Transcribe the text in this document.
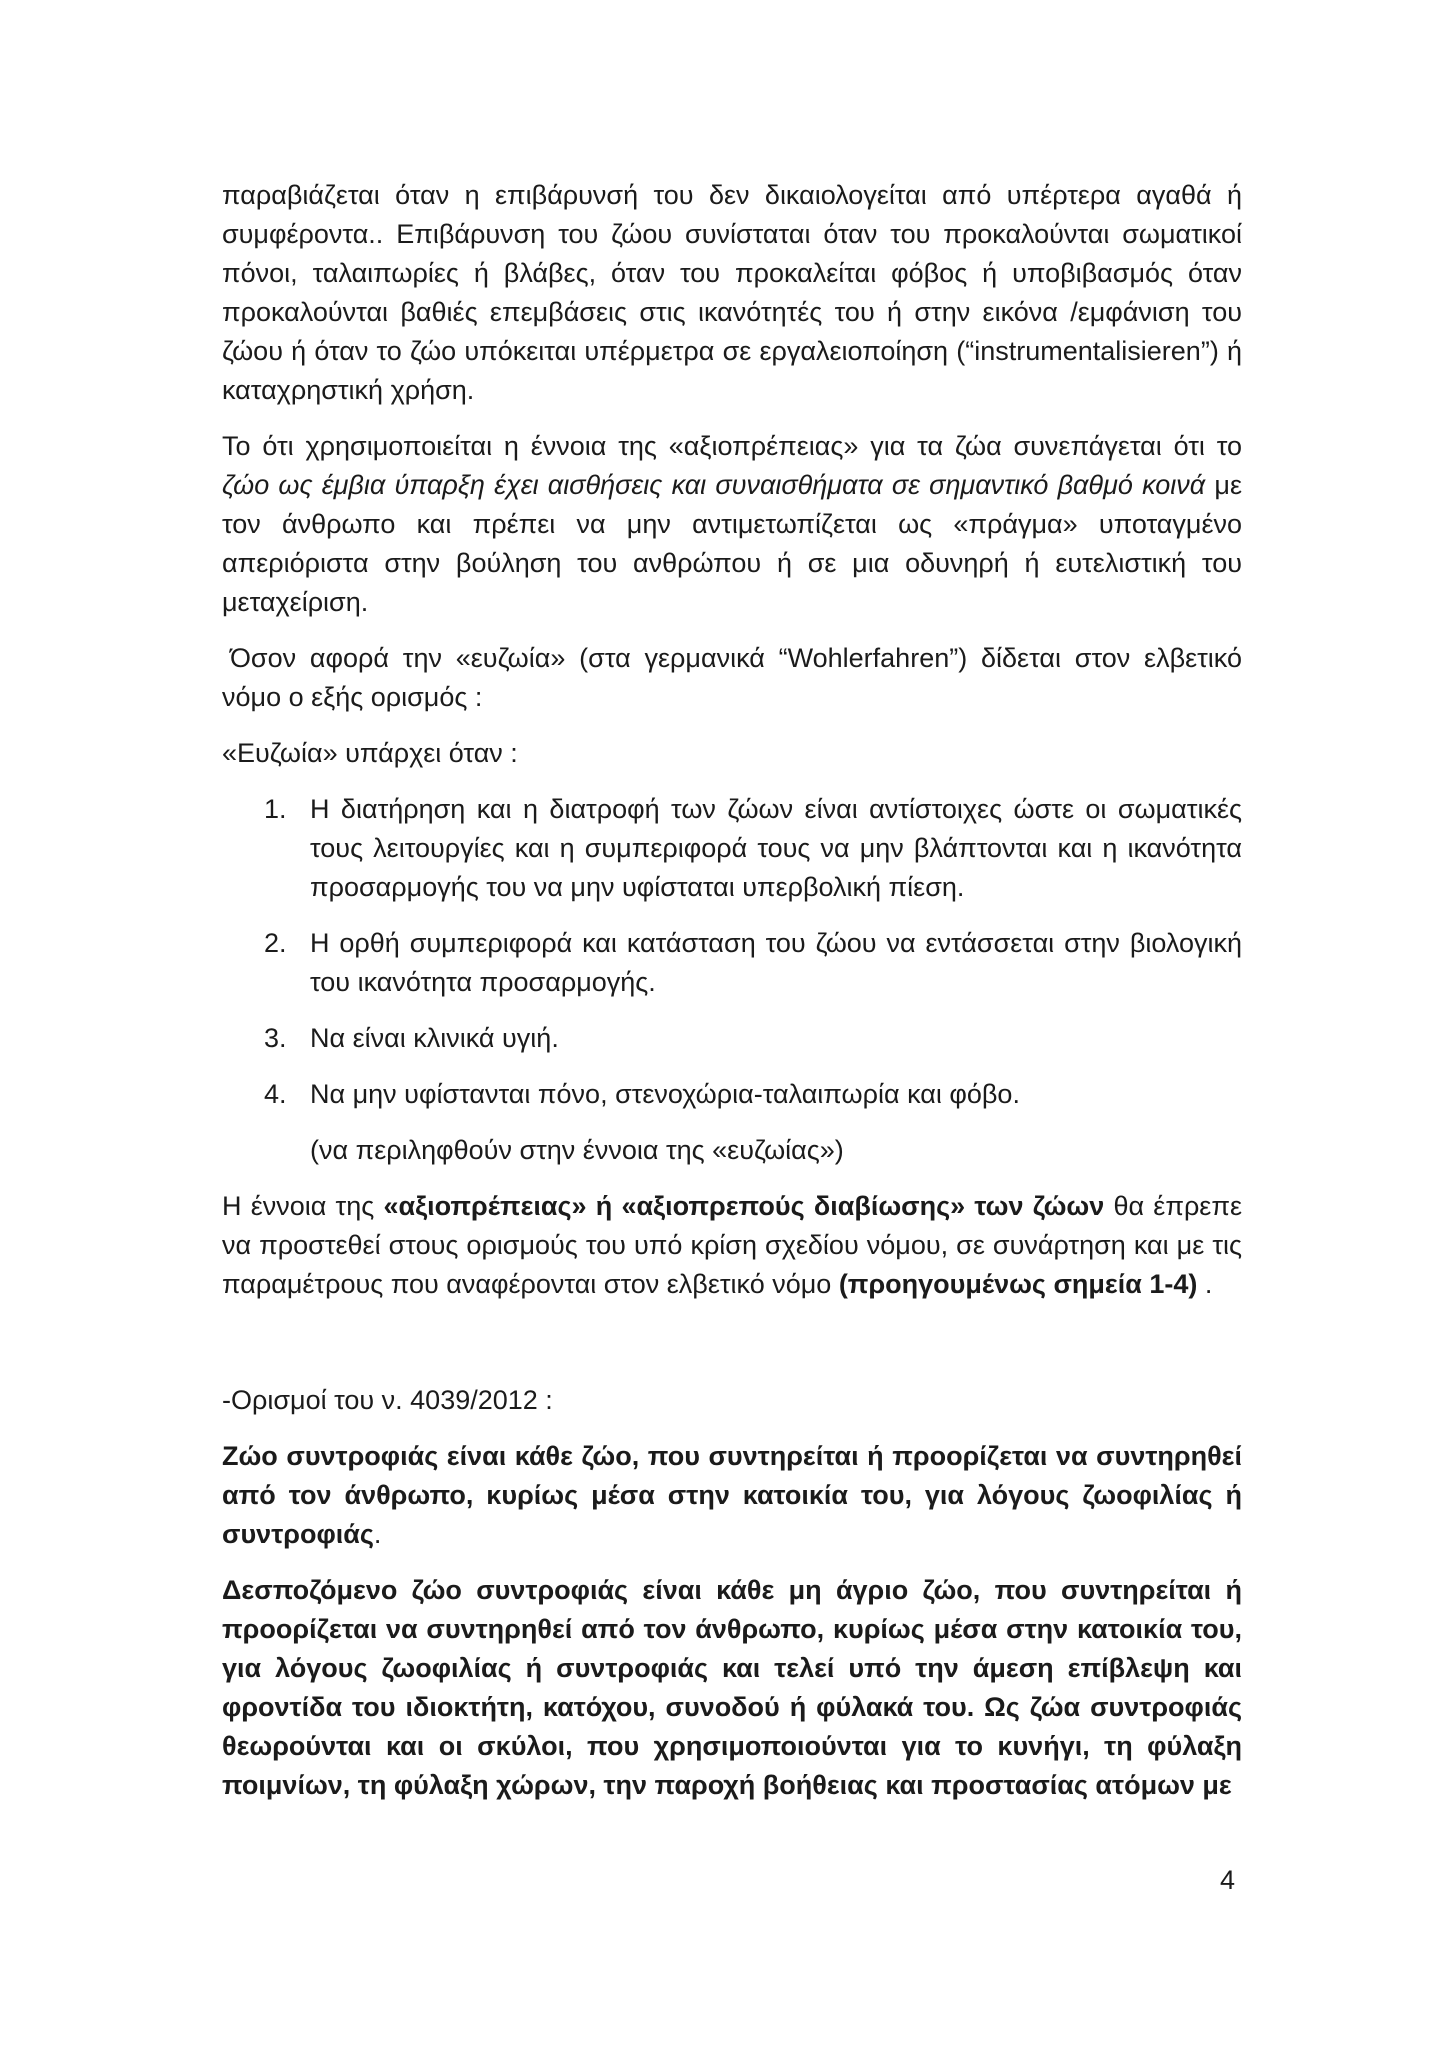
παραβιάζεται όταν η επιβάρυνσή του δεν δικαιολογείται από υπέρτερα αγαθά ή συμφέροντα.. Επιβάρυνση του ζώου συνίσταται όταν του προκαλούνται σωματικοί πόνοι, ταλαιπωρίες ή βλάβες, όταν του προκαλείται φόβος ή υποβιβασμός όταν προκαλούνται βαθιές επεμβάσεις στις ικανότητές του ή στην εικόνα /εμφάνιση του ζώου ή όταν το ζώο υπόκειται υπέρμετρα σε εργαλειοποίηση (“instrumentalisieren”) ή καταχρηστική χρήση.

Το ότι χρησιμοποιείται η έννοια της «αξιοπρέπειας» για τα ζώα συνεπάγεται ότι το ζώο ως έμβια ύπαρξη έχει αισθήσεις και συναισθήματα σε σημαντικό βαθμό κοινά με τον άνθρωπο και πρέπει να μην αντιμετωπίζεται ως «πράγμα» υποταγμένο απεριόριστα στην βούληση του ανθρώπου ή σε μια οδυνηρή ή ευτελιστική του μεταχείριση.

Όσον αφορά την «ευζωία» (στα γερμανικά “Wohlerfahren”) δίδεται στον ελβετικό νόμο ο εξής ορισμός :

«Ευζωία» υπάρχει όταν :

1. Η διατήρηση και η διατροφή των ζώων είναι αντίστοιχες ώστε οι σωματικές τους λειτουργίες και η συμπεριφορά τους να μην βλάπτονται και η ικανότητα προσαρμογής του να μην υφίσταται υπερβολική πίεση.
2. Η ορθή συμπεριφορά και κατάσταση του ζώου να εντάσσεται στην βιολογική του ικανότητα προσαρμογής.
3. Να είναι κλινικά υγιή.
4. Να μην υφίστανται πόνο, στενοχώρια-ταλαιπωρία και φόβο.
(να περιληφθούν στην έννοια της «ευζωίας»)

Η έννοια της «αξιοπρέπειας» ή «αξιοπρεπούς διαβίωσης» των ζώων θα έπρεπε να προστεθεί στους ορισμούς του υπό κρίση σχεδίου νόμου, σε συνάρτηση και με τις παραμέτρους που αναφέρονται στον ελβετικό νόμο (προηγουμένως σημεία 1-4) .

-Ορισμοί του ν. 4039/2012 :

Ζώο συντροφιάς είναι κάθε ζώο, που συντηρείται ή προορίζεται να συντηρηθεί από τον άνθρωπο, κυρίως μέσα στην κατοικία του, για λόγους ζωοφιλίας ή συντροφιάς.

Δεσποζόμενο ζώο συντροφιάς είναι κάθε μη άγριο ζώο, που συντηρείται ή προορίζεται να συντηρηθεί από τον άνθρωπο, κυρίως μέσα στην κατοικία του, για λόγους ζωοφιλίας ή συντροφιάς και τελεί υπό την άμεση επίβλεψη και φροντίδα του ιδιοκτήτη, κατόχου, συνοδού ή φύλακά του. Ως ζώα συντροφιάς θεωρούνται και οι σκύλοι, που χρησιμοποιούνται για το κυνήγι, τη φύλαξη ποιμνίων, τη φύλαξη χώρων, την παροχή βοήθειας και προστασίας ατόμων με

4
